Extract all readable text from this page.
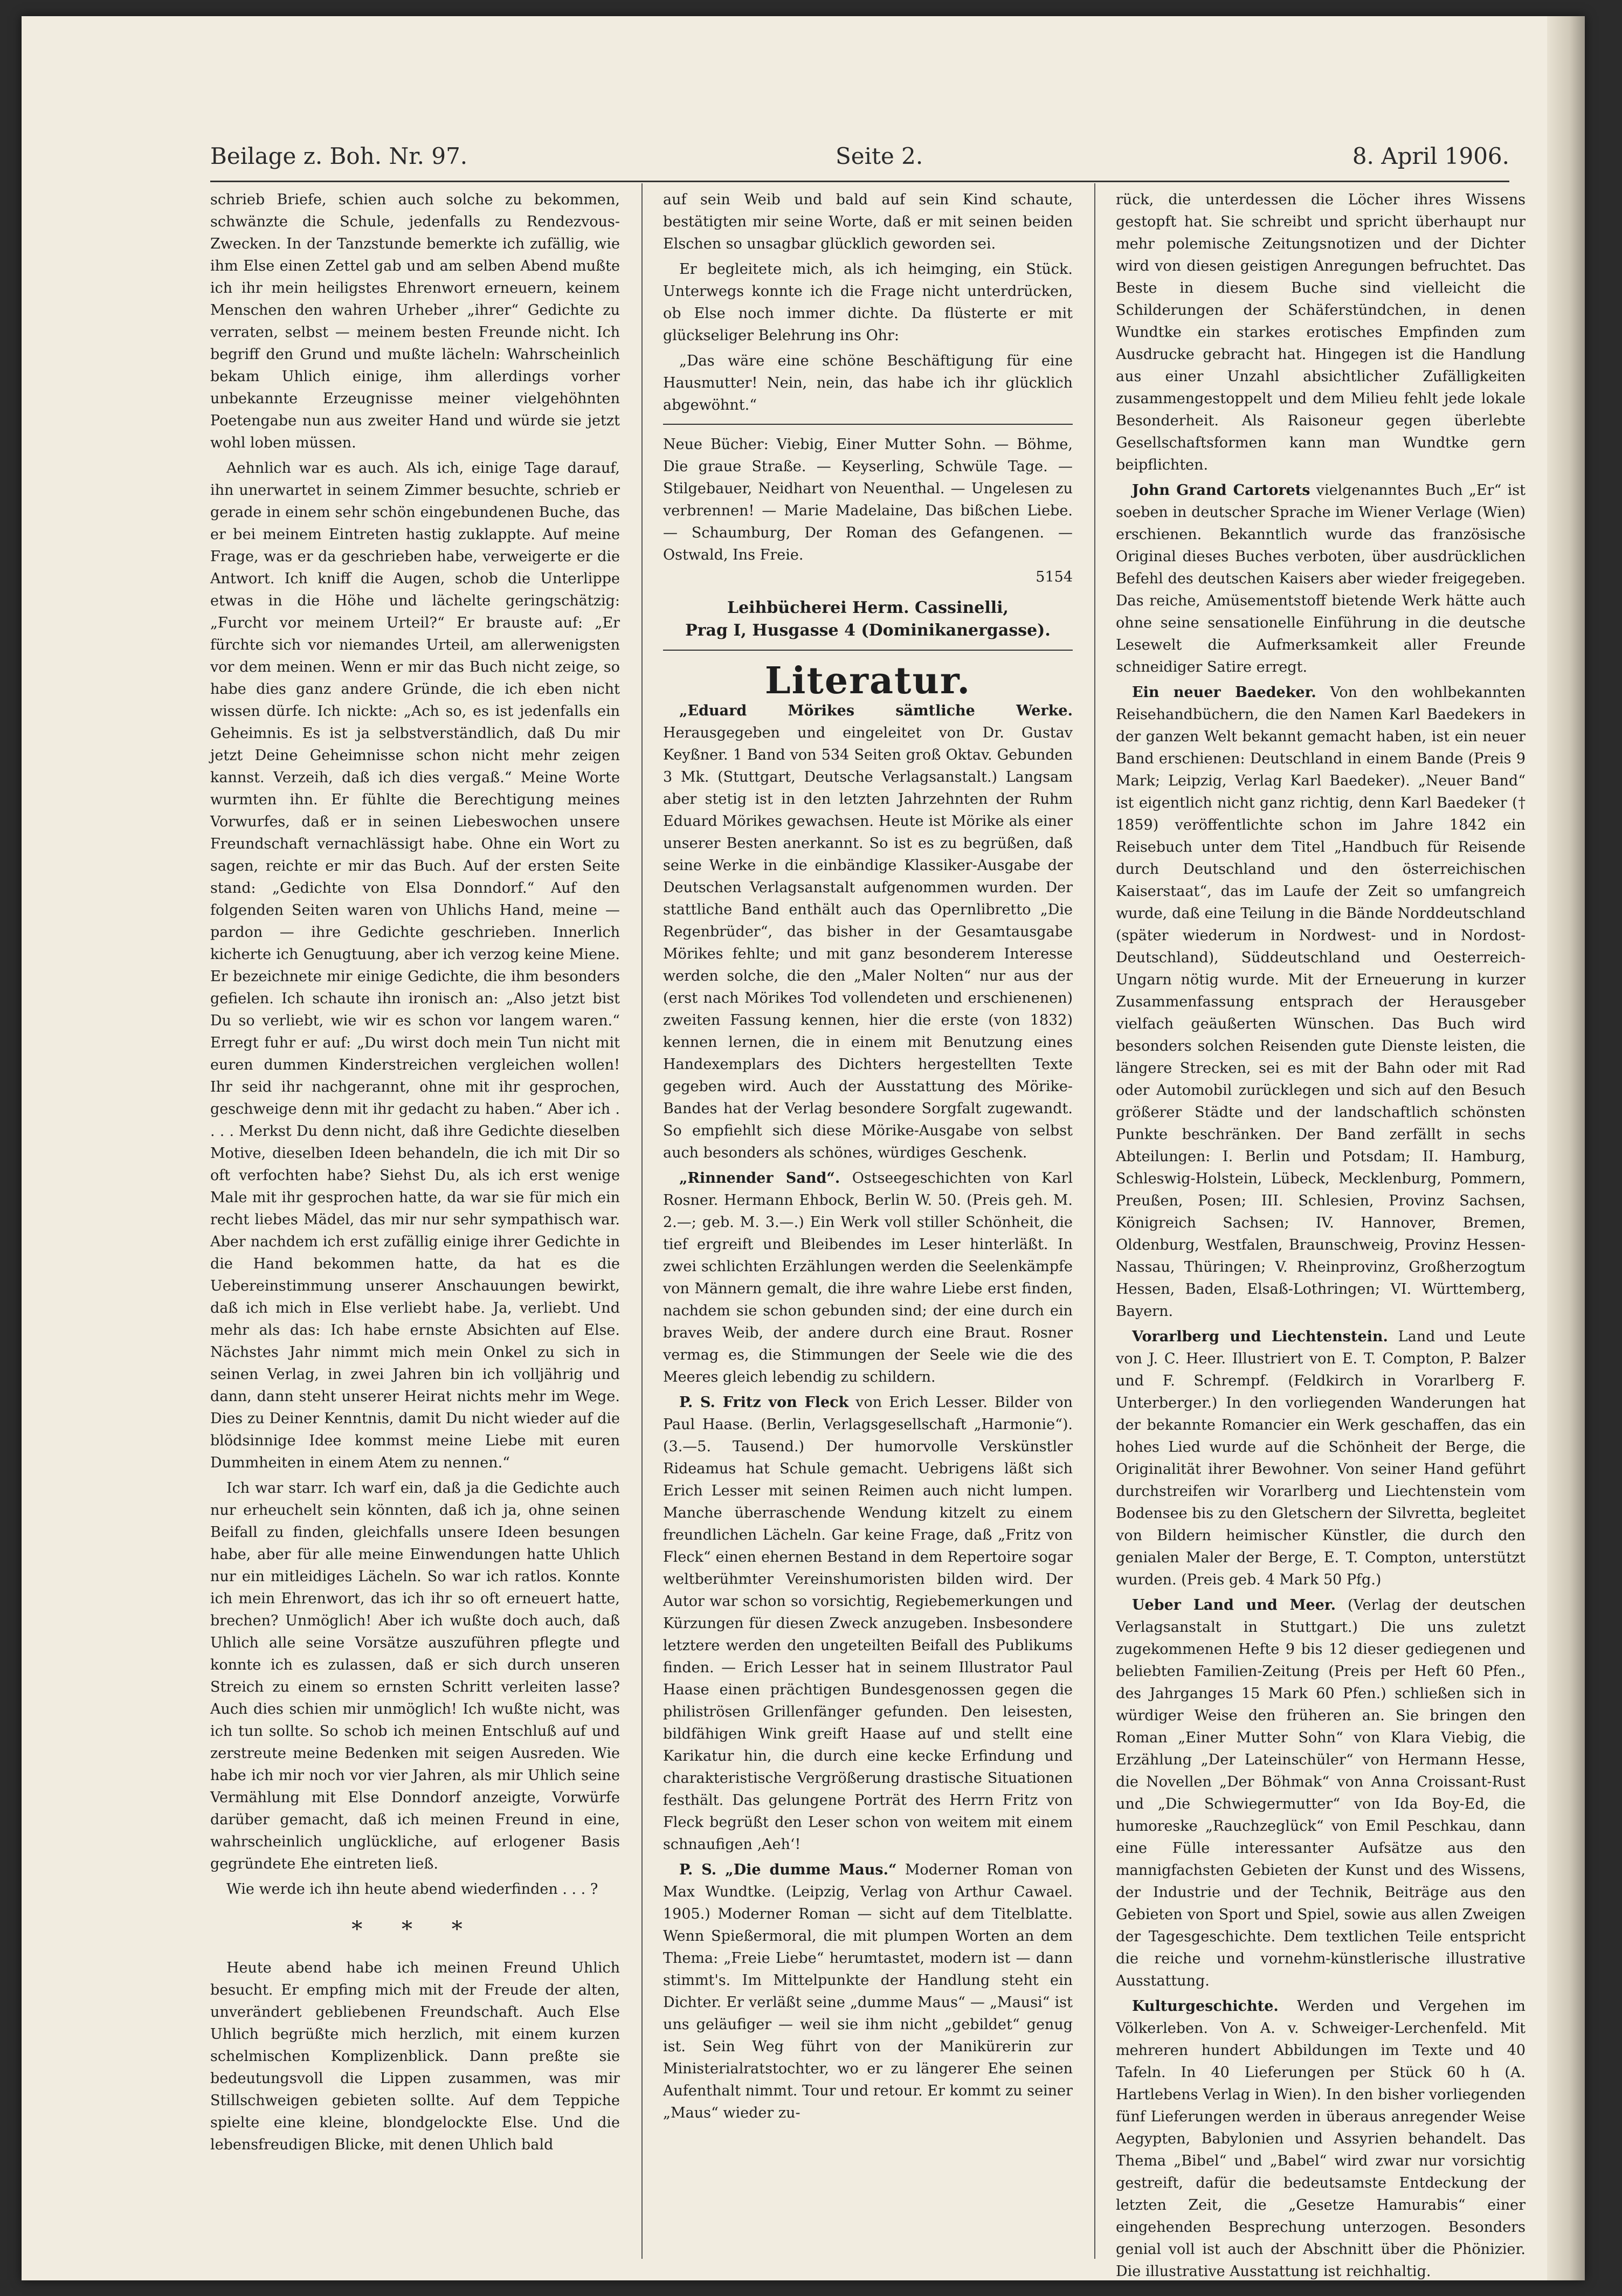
Beilage z. Boh. Nr. 97.	Seite 2.	8. April 1906.

schrieb Briefe, schien auch solche zu bekommen, schwänzte die Schule, jedenfalls zu Rendezvous-Zwecken. In der Tanzstunde bemerkte ich zufällig, wie ihm Else einen Zettel gab und am selben Abend mußte ich ihr mein heiligstes Ehrenwort erneuern, keinem Menschen den wahren Urheber „ihrer“ Gedichte zu verraten, selbst — meinem besten Freunde nicht. Ich begriff den Grund und mußte lächeln: Wahrscheinlich bekam Uhlich einige, ihm allerdings vorher unbekannte Erzeugnisse meiner vielgehöhnten Poetengabe nun aus zweiter Hand und würde sie jetzt wohl loben müssen.

Aehnlich war es auch. Als ich, einige Tage darauf, ihn unerwartet in seinem Zimmer besuchte, schrieb er gerade in einem sehr schön eingebundenen Buche, das er bei meinem Eintreten hastig zuklappte. Auf meine Frage, was er da geschrieben habe, verweigerte er die Antwort. Ich kniff die Augen, schob die Unterlippe etwas in die Höhe und lächelte geringschätzig: „Furcht vor meinem Urteil?“ Er brauste auf: „Er fürchte sich vor niemandes Urteil, am allerwenigsten vor dem meinen. Wenn er mir das Buch nicht zeige, so habe dies ganz andere Gründe, die ich eben nicht wissen dürfe. Ich nickte: „Ach so, es ist jedenfalls ein Geheimnis. Es ist ja selbstverständlich, daß Du mir jetzt Deine Geheimnisse schon nicht mehr zeigen kannst. Verzeih, daß ich dies vergaß.“ Meine Worte wurmten ihn. Er fühlte die Berechtigung meines Vorwurfes, daß er in seinen Liebeswochen unsere Freundschaft vernachlässigt habe. Ohne ein Wort zu sagen, reichte er mir das Buch. Auf der ersten Seite stand: „Gedichte von Elsa Donndorf.“ Auf den folgenden Seiten waren von Uhlichs Hand, meine — pardon — ihre Gedichte geschrieben. Innerlich kicherte ich Genugtuung, aber ich verzog keine Miene. Er bezeichnete mir einige Gedichte, die ihm besonders gefielen. Ich schaute ihn ironisch an: „Also jetzt bist Du so verliebt, wie wir es schon vor langem waren.“ Erregt fuhr er auf: „Du wirst doch mein Tun nicht mit euren dummen Kinderstreichen vergleichen wollen! Ihr seid ihr nachgerannt, ohne mit ihr gesprochen, geschweige denn mit ihr gedacht zu haben.“ Aber ich . . . . Merkst Du denn nicht, daß ihre Gedichte dieselben Motive, dieselben Ideen behandeln, die ich mit Dir so oft verfochten habe? Siehst Du, als ich erst wenige Male mit ihr gesprochen hatte, da war sie für mich ein recht liebes Mädel, das mir nur sehr sympathisch war. Aber nachdem ich erst zufällig einige ihrer Gedichte in die Hand bekommen hatte, da hat es die Uebereinstimmung unserer Anschauungen bewirkt, daß ich mich in Else verliebt habe. Ja, verliebt. Und mehr als das: Ich habe ernste Absichten auf Else. Nächstes Jahr nimmt mich mein Onkel zu sich in seinen Verlag, in zwei Jahren bin ich volljährig und dann, dann steht unserer Heirat nichts mehr im Wege. Dies zu Deiner Kenntnis, damit Du nicht wieder auf die blödsinnige Idee kommst meine Liebe mit euren Dummheiten in einem Atem zu nennen.“

Ich war starr. Ich warf ein, daß ja die Gedichte auch nur erheuchelt sein könnten, daß ich ja, ohne seinen Beifall zu finden, gleichfalls unsere Ideen besungen habe, aber für alle meine Einwendungen hatte Uhlich nur ein mitleidiges Lächeln. So war ich ratlos. Konnte ich mein Ehrenwort, das ich ihr so oft erneuert hatte, brechen? Unmöglich! Aber ich wußte doch auch, daß Uhlich alle seine Vorsätze auszuführen pflegte und konnte ich es zulassen, daß er sich durch unseren Streich zu einem so ernsten Schritt verleiten lasse? Auch dies schien mir unmöglich! Ich wußte nicht, was ich tun sollte. So schob ich meinen Entschluß auf und zerstreute meine Bedenken mit seigen Ausreden. Wie habe ich mir noch vor vier Jahren, als mir Uhlich seine Vermählung mit Else Donndorf anzeigte, Vorwürfe darüber gemacht, daß ich meinen Freund in eine, wahrscheinlich unglückliche, auf erlogener Basis gegründete Ehe eintreten ließ.

Wie werde ich ihn heute abend wiederfinden . . . ?

* * *

Heute abend habe ich meinen Freund Uhlich besucht. Er empfing mich mit der Freude der alten, unverändert gebliebenen Freundschaft. Auch Else Uhlich begrüßte mich herzlich, mit einem kurzen schelmischen Komplizenblick. Dann preßte sie bedeutungsvoll die Lippen zusammen, was mir Stillschweigen gebieten sollte. Auf dem Teppiche spielte eine kleine, blondgelockte Else. Und die lebensfreudigen Blicke, mit denen Uhlich bald

auf sein Weib und bald auf sein Kind schaute, bestätigten mir seine Worte, daß er mit seinen beiden Elschen so unsagbar glücklich geworden sei.

Er begleitete mich, als ich heimging, ein Stück. Unterwegs konnte ich die Frage nicht unterdrücken, ob Else noch immer dichte. Da flüsterte er mit glückseliger Belehrung ins Ohr:

„Das wäre eine schöne Beschäftigung für eine Hausmutter! Nein, nein, das habe ich ihr glücklich abgewöhnt.“

Neue Bücher: Viebig, Einer Mutter Sohn. — Böhme, Die graue Straße. — Keyserling, Schwüle Tage. — Stilgebauer, Neidhart von Neuenthal. — Ungelesen zu verbrennen! — Marie Madelaine, Das bißchen Liebe. — Schaumburg, Der Roman des Gefangenen. — Ostwald, Ins Freie.
5154
Leihbücherei Herm. Cassinelli,
Prag I, Husgasse 4 (Dominikanergasse).
Literatur.

„Eduard Mörikes sämtliche Werke. Herausgegeben und eingeleitet von Dr. Gustav Keyßner. 1 Band von 534 Seiten groß Oktav. Gebunden 3 Mk. (Stuttgart, Deutsche Verlagsanstalt.) Langsam aber stetig ist in den letzten Jahrzehnten der Ruhm Eduard Mörikes gewachsen. Heute ist Mörike als einer unserer Besten anerkannt. So ist es zu begrüßen, daß seine Werke in die einbändige Klassiker-Ausgabe der Deutschen Verlagsanstalt aufgenommen wurden. Der stattliche Band enthält auch das Opernlibretto „Die Regenbrüder“, das bisher in der Gesamtausgabe Mörikes fehlte; und mit ganz besonderem Interesse werden solche, die den „Maler Nolten“ nur aus der (erst nach Mörikes Tod vollendeten und erschienenen) zweiten Fassung kennen, hier die erste (von 1832) kennen lernen, die in einem mit Benutzung eines Handexemplars des Dichters hergestellten Texte gegeben wird. Auch der Ausstattung des Mörike-Bandes hat der Verlag besondere Sorgfalt zugewandt. So empfiehlt sich diese Mörike-Ausgabe von selbst auch besonders als schönes, würdiges Geschenk.

„Rinnender Sand“. Ostseegeschichten von Karl Rosner. Hermann Ehbock, Berlin W. 50. (Preis geh. M. 2.—; geb. M. 3.—.) Ein Werk voll stiller Schönheit, die tief ergreift und Bleibendes im Leser hinterläßt. In zwei schlichten Erzählungen werden die Seelenkämpfe von Männern gemalt, die ihre wahre Liebe erst finden, nachdem sie schon gebunden sind; der eine durch ein braves Weib, der andere durch eine Braut. Rosner vermag es, die Stimmungen der Seele wie die des Meeres gleich lebendig zu schildern.

P. S. Fritz von Fleck von Erich Lesser. Bilder von Paul Haase. (Berlin, Verlagsgesellschaft „Harmonie“). (3.—5. Tausend.) Der humorvolle Verskünstler Rideamus hat Schule gemacht. Uebrigens läßt sich Erich Lesser mit seinen Reimen auch nicht lumpen. Manche überraschende Wendung kitzelt zu einem freundlichen Lächeln. Gar keine Frage, daß „Fritz von Fleck“ einen ehernen Bestand in dem Repertoire sogar weltberühmter Vereinshumoristen bilden wird. Der Autor war schon so vorsichtig, Regiebemerkungen und Kürzungen für diesen Zweck anzugeben. Insbesondere letztere werden den ungeteilten Beifall des Publikums finden. — Erich Lesser hat in seinem Illustrator Paul Haase einen prächtigen Bundesgenossen gegen die philiströsen Grillenfänger gefunden. Den leisesten, bildfähigen Wink greift Haase auf und stellt eine Karikatur hin, die durch eine kecke Erfindung und charakteristische Vergrößerung drastische Situationen festhält. Das gelungene Porträt des Herrn Fritz von Fleck begrüßt den Leser schon von weitem mit einem schnaufigen ‚Aeh‘!

P. S. „Die dumme Maus.“ Moderner Roman von Max Wundtke. (Leipzig, Verlag von Arthur Cawael. 1905.) Moderner Roman — sicht auf dem Titelblatte. Wenn Spießermoral, die mit plumpen Worten an dem Thema: „Freie Liebe“ herumtastet, modern ist — dann stimmt's. Im Mittelpunkte der Handlung steht ein Dichter. Er verläßt seine „dumme Maus“ — „Mausi“ ist uns geläufiger — weil sie ihm nicht „gebildet“ genug ist. Sein Weg führt von der Manikürerin zur Ministerialratstochter, wo er zu längerer Ehe seinen Aufenthalt nimmt. Tour und retour. Er kommt zu seiner „Maus“ wieder zu-

rück, die unterdessen die Löcher ihres Wissens gestopft hat. Sie schreibt und spricht überhaupt nur mehr polemische Zeitungsnotizen und der Dichter wird von diesen geistigen Anregungen befruchtet. Das Beste in diesem Buche sind vielleicht die Schilderungen der Schäferstündchen, in denen Wundtke ein starkes erotisches Empfinden zum Ausdrucke gebracht hat. Hingegen ist die Handlung aus einer Unzahl absichtlicher Zufälligkeiten zusammengestoppelt und dem Milieu fehlt jede lokale Besonderheit. Als Raisoneur gegen überlebte Gesellschaftsformen kann man Wundtke gern beipflichten.

John Grand Cartorets vielgenanntes Buch „Er“ ist soeben in deutscher Sprache im Wiener Verlage (Wien) erschienen. Bekanntlich wurde das französische Original dieses Buches verboten, über ausdrücklichen Befehl des deutschen Kaisers aber wieder freigegeben. Das reiche, Amüsementstoff bietende Werk hätte auch ohne seine sensationelle Einführung in die deutsche Lesewelt die Aufmerksamkeit aller Freunde schneidiger Satire erregt.

Ein neuer Baedeker. Von den wohlbekannten Reisehandbüchern, die den Namen Karl Baedekers in der ganzen Welt bekannt gemacht haben, ist ein neuer Band erschienen: Deutschland in einem Bande (Preis 9 Mark; Leipzig, Verlag Karl Baedeker). „Neuer Band“ ist eigentlich nicht ganz richtig, denn Karl Baedeker († 1859) veröffentlichte schon im Jahre 1842 ein Reisebuch unter dem Titel „Handbuch für Reisende durch Deutschland und den österreichischen Kaiserstaat“, das im Laufe der Zeit so umfangreich wurde, daß eine Teilung in die Bände Norddeutschland (später wiederum in Nordwest- und in Nordost-Deutschland), Süddeutschland und Oesterreich-Ungarn nötig wurde. Mit der Erneuerung in kurzer Zusammenfassung entsprach der Herausgeber vielfach geäußerten Wünschen. Das Buch wird besonders solchen Reisenden gute Dienste leisten, die längere Strecken, sei es mit der Bahn oder mit Rad oder Automobil zurücklegen und sich auf den Besuch größerer Städte und der landschaftlich schönsten Punkte beschränken. Der Band zerfällt in sechs Abteilungen: I. Berlin und Potsdam; II. Hamburg, Schleswig-Holstein, Lübeck, Mecklenburg, Pommern, Preußen, Posen; III. Schlesien, Provinz Sachsen, Königreich Sachsen; IV. Hannover, Bremen, Oldenburg, Westfalen, Braunschweig, Provinz Hessen-Nassau, Thüringen; V. Rheinprovinz, Großherzogtum Hessen, Baden, Elsaß-Lothringen; VI. Württemberg, Bayern.

Vorarlberg und Liechtenstein. Land und Leute von J. C. Heer. Illustriert von E. T. Compton, P. Balzer und F. Schrempf. (Feldkirch in Vorarlberg F. Unterberger.) In den vorliegenden Wanderungen hat der bekannte Romancier ein Werk geschaffen, das ein hohes Lied wurde auf die Schönheit der Berge, die Originalität ihrer Bewohner. Von seiner Hand geführt durchstreifen wir Vorarlberg und Liechtenstein vom Bodensee bis zu den Gletschern der Silvretta, begleitet von Bildern heimischer Künstler, die durch den genialen Maler der Berge, E. T. Compton, unterstützt wurden. (Preis geb. 4 Mark 50 Pfg.)

Ueber Land und Meer. (Verlag der deutschen Verlagsanstalt in Stuttgart.) Die uns zuletzt zugekommenen Hefte 9 bis 12 dieser gediegenen und beliebten Familien-Zeitung (Preis per Heft 60 Pfen., des Jahrganges 15 Mark 60 Pfen.) schließen sich in würdiger Weise den früheren an. Sie bringen den Roman „Einer Mutter Sohn“ von Klara Viebig, die Erzählung „Der Lateinschüler“ von Hermann Hesse, die Novellen „Der Böhmak“ von Anna Croissant-Rust und „Die Schwiegermutter“ von Ida Boy-Ed, die humoreske „Rauchzeglück“ von Emil Peschkau, dann eine Fülle interessanter Aufsätze aus den mannigfachsten Gebieten der Kunst und des Wissens, der Industrie und der Technik, Beiträge aus den Gebieten von Sport und Spiel, sowie aus allen Zweigen der Tagesgeschichte. Dem textlichen Teile entspricht die reiche und vornehm-künstlerische illustrative Ausstattung.

Kulturgeschichte. Werden und Vergehen im Völkerleben. Von A. v. Schweiger-Lerchenfeld. Mit mehreren hundert Abbildungen im Texte und 40 Tafeln. In 40 Lieferungen per Stück 60 h (A. Hartlebens Verlag in Wien). In den bisher vorliegenden fünf Lieferungen werden in überaus anregender Weise Aegypten, Babylonien und Assyrien behandelt. Das Thema „Bibel“ und „Babel“ wird zwar nur vorsichtig gestreift, dafür die bedeutsamste Entdeckung der letzten Zeit, die „Gesetze Hamurabis“ einer eingehenden Besprechung unterzogen. Besonders genial voll ist auch der Abschnitt über die Phönizier. Die illustrative Ausstattung ist reichhaltig.
